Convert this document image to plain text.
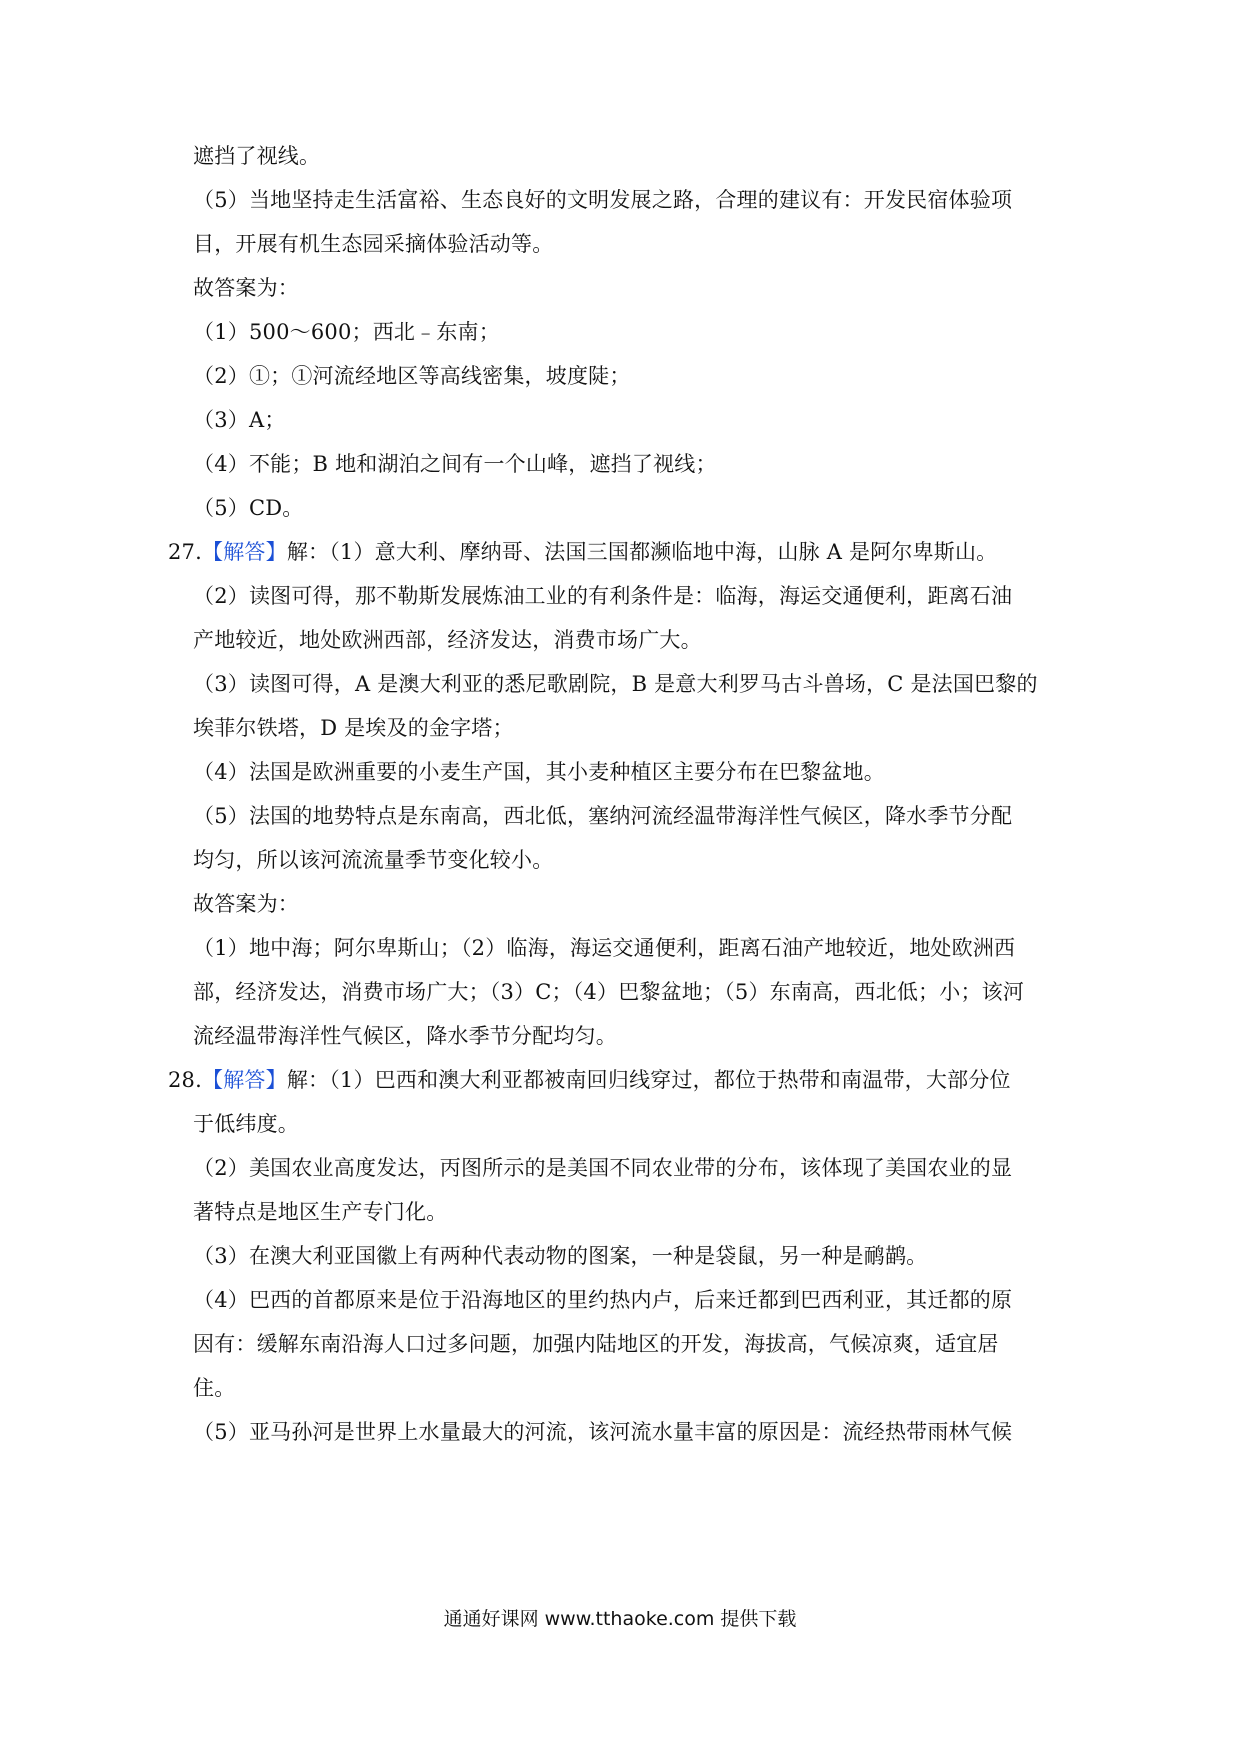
遮挡了视线。
（5）当地坚持走生活富裕、生态良好的文明发展之路，合理的建议有：开发民宿体验项
目，开展有机生态园采摘体验活动等。
故答案为：
（1）500～600；西北﹣东南；
（2）①；①河流经地区等高线密集，坡度陡；
（3）A；
（4）不能；B 地和湖泊之间有一个山峰，遮挡了视线；
（5）CD。
27.【解答】解：（1）意大利、摩纳哥、法国三国都濒临地中海，山脉 A 是阿尔卑斯山。
（2）读图可得，那不勒斯发展炼油工业的有利条件是：临海，海运交通便利，距离石油
产地较近，地处欧洲西部，经济发达，消费市场广大。
（3）读图可得，A 是澳大利亚的悉尼歌剧院，B 是意大利罗马古斗兽场，C 是法国巴黎的
埃菲尔铁塔，D 是埃及的金字塔；
（4）法国是欧洲重要的小麦生产国，其小麦种植区主要分布在巴黎盆地。
（5）法国的地势特点是东南高，西北低，塞纳河流经温带海洋性气候区，降水季节分配
均匀，所以该河流流量季节变化较小。
故答案为：
（1）地中海；阿尔卑斯山；（2）临海，海运交通便利，距离石油产地较近，地处欧洲西
部，经济发达，消费市场广大；（3）C；（4）巴黎盆地；（5）东南高，西北低；小；该河
流经温带海洋性气候区，降水季节分配均匀。
28.【解答】解：（1）巴西和澳大利亚都被南回归线穿过，都位于热带和南温带，大部分位
于低纬度。
（2）美国农业高度发达，丙图所示的是美国不同农业带的分布，该体现了美国农业的显
著特点是地区生产专门化。
（3）在澳大利亚国徽上有两种代表动物的图案，一种是袋鼠，另一种是鸸鹋。
（4）巴西的首都原来是位于沿海地区的里约热内卢，后来迁都到巴西利亚，其迁都的原
因有：缓解东南沿海人口过多问题，加强内陆地区的开发，海拔高，气候凉爽，适宜居
住。
（5）亚马孙河是世界上水量最大的河流，该河流水量丰富的原因是：流经热带雨林气候
通通好课网 www.tthaoke.com 提供下载
